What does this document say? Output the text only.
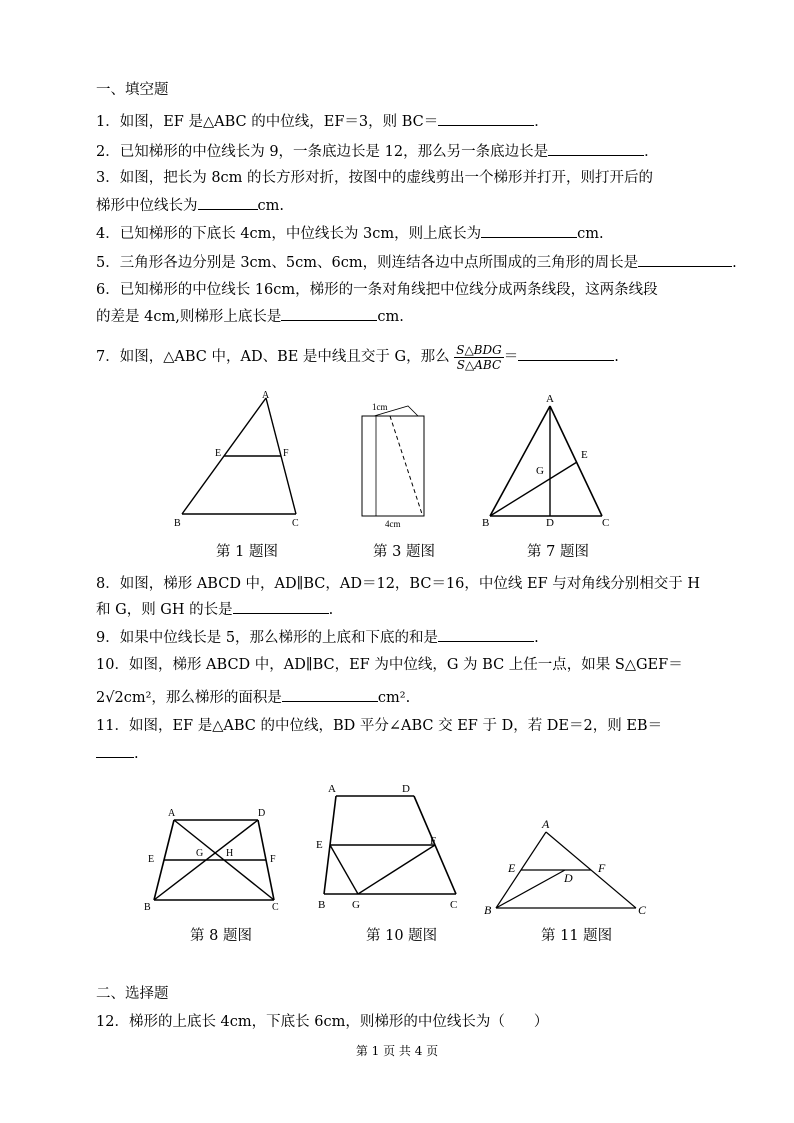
一、填空题
1．如图，EF 是△ABC 的中位线，EF＝3，则 BC＝	．
2．已知梯形的中位线长为 9，一条底边长是 12，那么另一条底边长是	．
3．如图，把长为 8cm 的长方形对折，按图中的虚线剪出一个梯形并打开，则打开后的
梯形中位线长为	cm.
4．已知梯形的下底长 4cm，中位线长为 3cm，则上底长为	cm.
5．三角形各边分别是 3cm、5cm、6cm，则连结各边中点所围成的三角形的周长是	.
6．已知梯形的中位线长 16cm，梯形的一条对角线把中位线分成两条线段，这两条线段
的差是 4cm,则梯形上底长是	cm.
7．如图，△ABC 中，AD、BE 是中线且交于 G，那么 $\frac{\text{S△BDG}}{\text{S△ABC}}$ ＝	.
A
B	C
E	F
1cm
4cm
A
B	C
D
E
G
第 1 题图	第 3 题图	第 7 题图
8．如图，梯形 ABCD 中，AD∥BC，AD＝12，BC＝16，中位线 EF 与对角线分别相交于 H
和 G，则 GH 的长是	.
9．如果中位线长是 5，那么梯形的上底和下底的和是	.
10．如图，梯形 ABCD 中，AD∥BC，EF 为中位线，G 为 BC 上任一点，如果 S△GEF＝
2√2cm²，那么梯形的面积是	cm².
11．如图，EF 是△ABC 的中位线，BD 平分∠ABC 交 EF 于 D，若 DE＝2，则 EB＝
.
A	D
E	F
G H
B	C
A	D
E	F
B G	C
A
E	F
D
B	C
第 8 题图	第 10 题图	第 11 题图
二、选择题
12．梯形的上底长 4cm，下底长 6cm，则梯形的中位线长为（　　）
第 1 页 共 4 页
